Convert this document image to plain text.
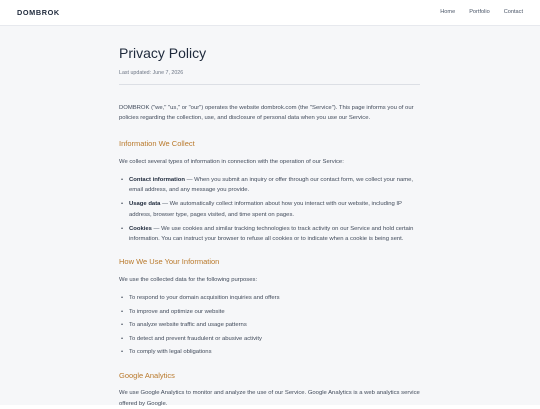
DOMBROK	Home	Portfolio	Contact
Privacy Policy
Last updated: June 7, 2026

DOMBROK ("we," "us," or "our") operates the website dombrok.com (the "Service"). This page informs you of our policies regarding the collection, use, and disclosure of personal data when you use our Service.

Information We Collect

We collect several types of information in connection with the operation of our Service:

• Contact information — When you submit an inquiry or offer through our contact form, we collect your name, email address, and any message you provide.
• Usage data — We automatically collect information about how you interact with our website, including IP address, browser type, pages visited, and time spent on pages.
• Cookies — We use cookies and similar tracking technologies to track activity on our Service and hold certain information. You can instruct your browser to refuse all cookies or to indicate when a cookie is being sent.
How We Use Your Information

We use the collected data for the following purposes:

• To respond to your domain acquisition inquiries and offers
• To improve and optimize our website
• To analyze website traffic and usage patterns
• To detect and prevent fraudulent or abusive activity
• To comply with legal obligations
Google Analytics

We use Google Analytics to monitor and analyze the use of our Service. Google Analytics is a web analytics service offered by Google.
